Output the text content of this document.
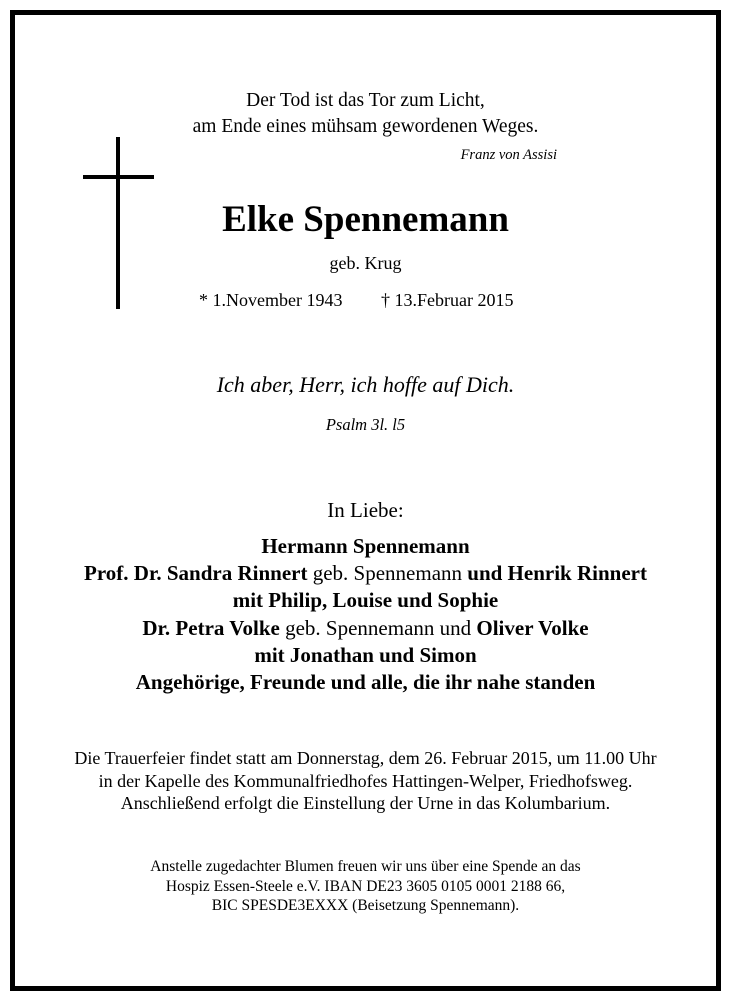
Der Tod ist das Tor zum Licht,
am Ende eines mühsam gewordenen Weges.
Franz von Assisi
Elke Spennemann
geb. Krug
* 1.November 1943 † 13.Februar 2015
Ich aber, Herr, ich hoffe auf Dich.
Psalm 3l. l5
In Liebe:
Hermann Spennemann
Prof. Dr. Sandra Rinnert geb. Spennemann und Henrik Rinnert
mit Philip, Louise und Sophie
Dr. Petra Volke geb. Spennemann und Oliver Volke
mit Jonathan und Simon
Angehörige, Freunde und alle, die ihr nahe standen
Die Trauerfeier findet statt am Donnerstag, dem 26. Februar 2015, um 11.00 Uhr
in der Kapelle des Kommunalfriedhofes Hattingen-Welper, Friedhofsweg.
Anschließend erfolgt die Einstellung der Urne in das Kolumbarium.
Anstelle zugedachter Blumen freuen wir uns über eine Spende an das
Hospiz Essen-Steele e.V. IBAN DE23 3605 0105 0001 2188 66,
BIC SPESDE3EXXX (Beisetzung Spennemann).
